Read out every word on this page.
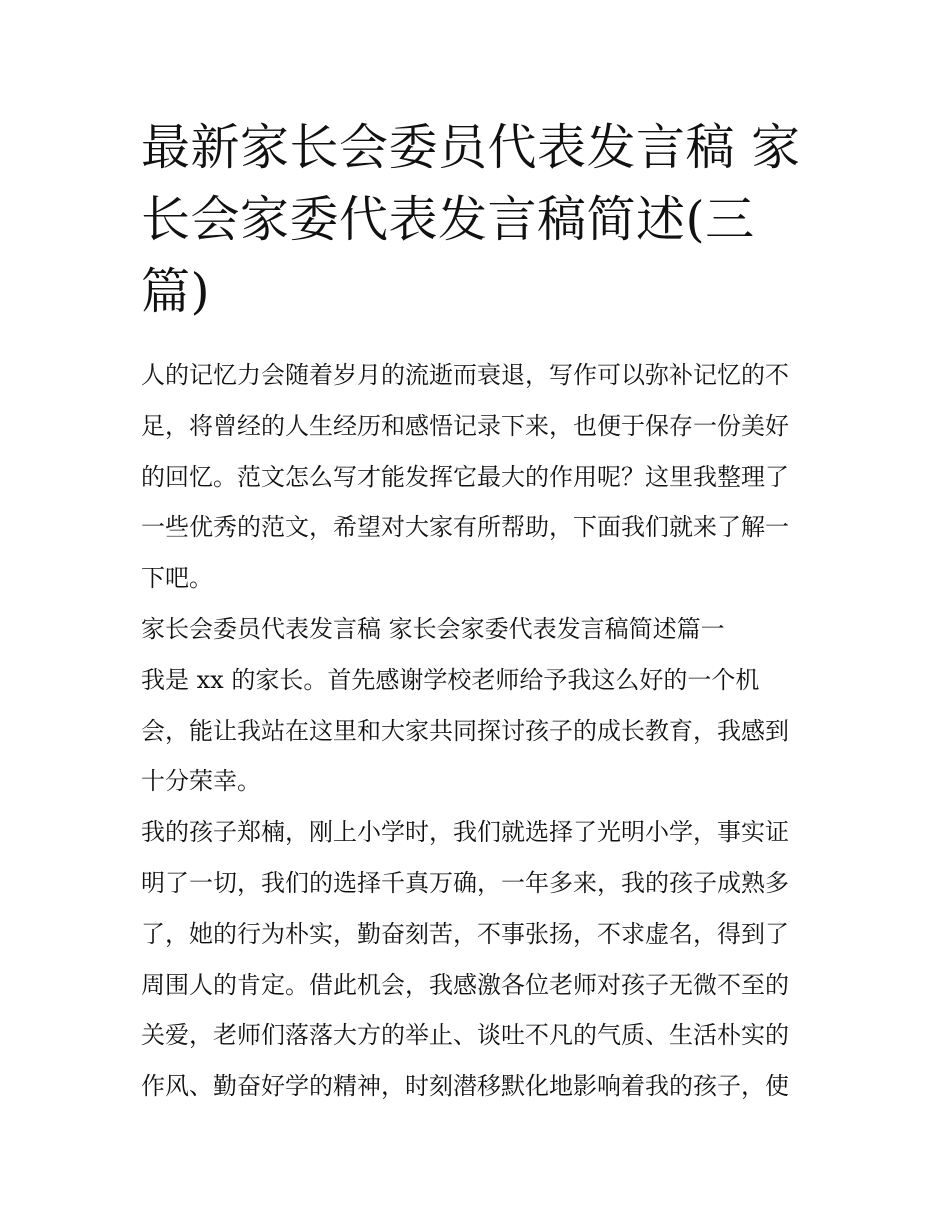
最新家长会委员代表发言稿 家
长会家委代表发言稿简述(三
篇)
人的记忆力会随着岁月的流逝而衰退，写作可以弥补记忆的不
足，将曾经的人生经历和感悟记录下来，也便于保存一份美好
的回忆。范文怎么写才能发挥它最大的作用呢？这里我整理了
一些优秀的范文，希望对大家有所帮助，下面我们就来了解一
下吧。
家长会委员代表发言稿 家长会家委代表发言稿简述篇一
我是 xx 的家长。首先感谢学校老师给予我这么好的一个机
会，能让我站在这里和大家共同探讨孩子的成长教育，我感到
十分荣幸。
我的孩子郑楠，刚上小学时，我们就选择了光明小学，事实证
明了一切，我们的选择千真万确，一年多来，我的孩子成熟多
了，她的行为朴实，勤奋刻苦，不事张扬，不求虚名，得到了
周围人的肯定。借此机会，我感激各位老师对孩子无微不至的
关爱，老师们落落大方的举止、谈吐不凡的气质、生活朴实的
作风、勤奋好学的精神，时刻潜移默化地影响着我的孩子，使
